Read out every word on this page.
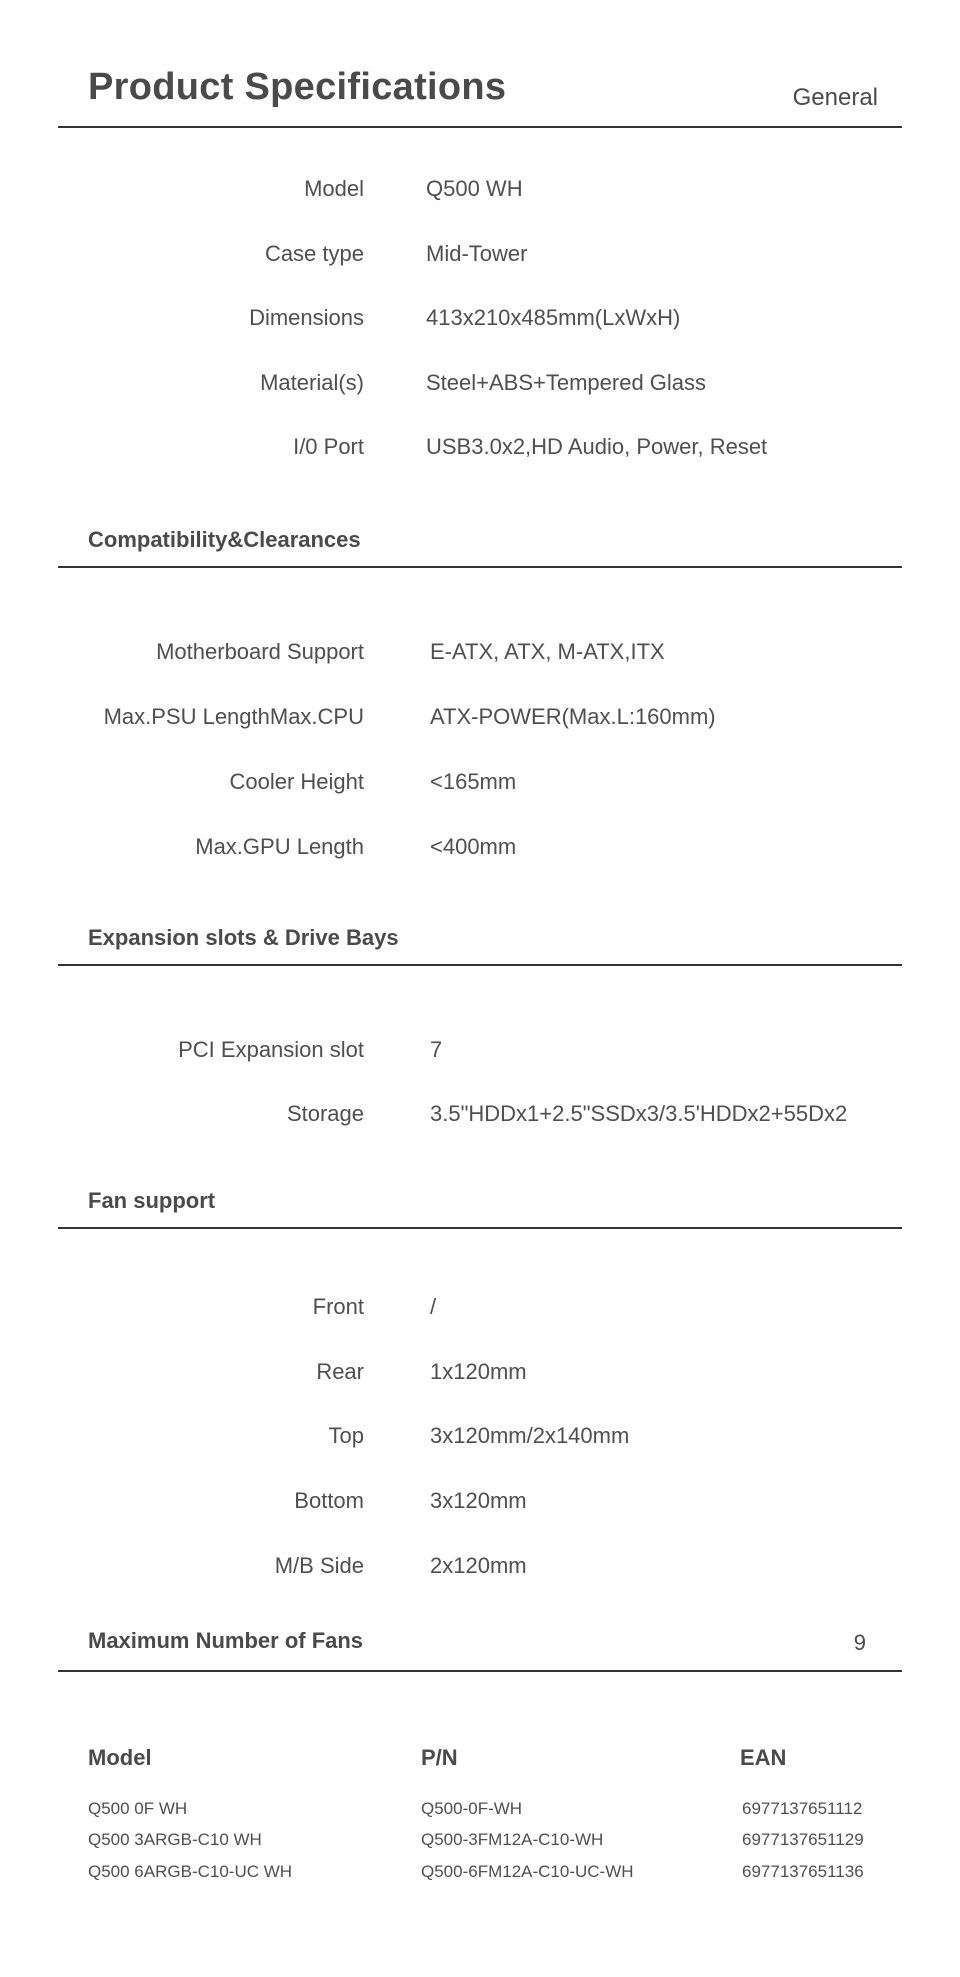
Product Specifications	General
Model	Q500 WH
Case type	Mid-Tower
Dimensions	413x210x485mm(LxWxH)
Material(s)	Steel+ABS+Tempered Glass
I/0 Port	USB3.0x2,HD Audio, Power, Reset
Compatibility&Clearances
Motherboard Support	E-ATX, ATX, M-ATX,ITX
Max.PSU LengthMax.CPU	ATX-POWER(Max.L:160mm)
Cooler Height	<165mm
Max.GPU Length	<400mm
Expansion slots & Drive Bays
PCI Expansion slot	7
Storage	3.5"HDDx1+2.5"SSDx3/3.5'HDDx2+55Dx2
Fan support
Front	/
Rear	1x120mm
Top	3x120mm/2x140mm
Bottom	3x120mm
M/B Side	2x120mm
Maximum Number of Fans	9
Model	P/N	EAN
Q500 0F WH	Q500-0F-WH	6977137651112
Q500 3ARGB-C10 WH	Q500-3FM12A-C10-WH	6977137651129
Q500 6ARGB-C10-UC WH	Q500-6FM12A-C10-UC-WH	6977137651136
